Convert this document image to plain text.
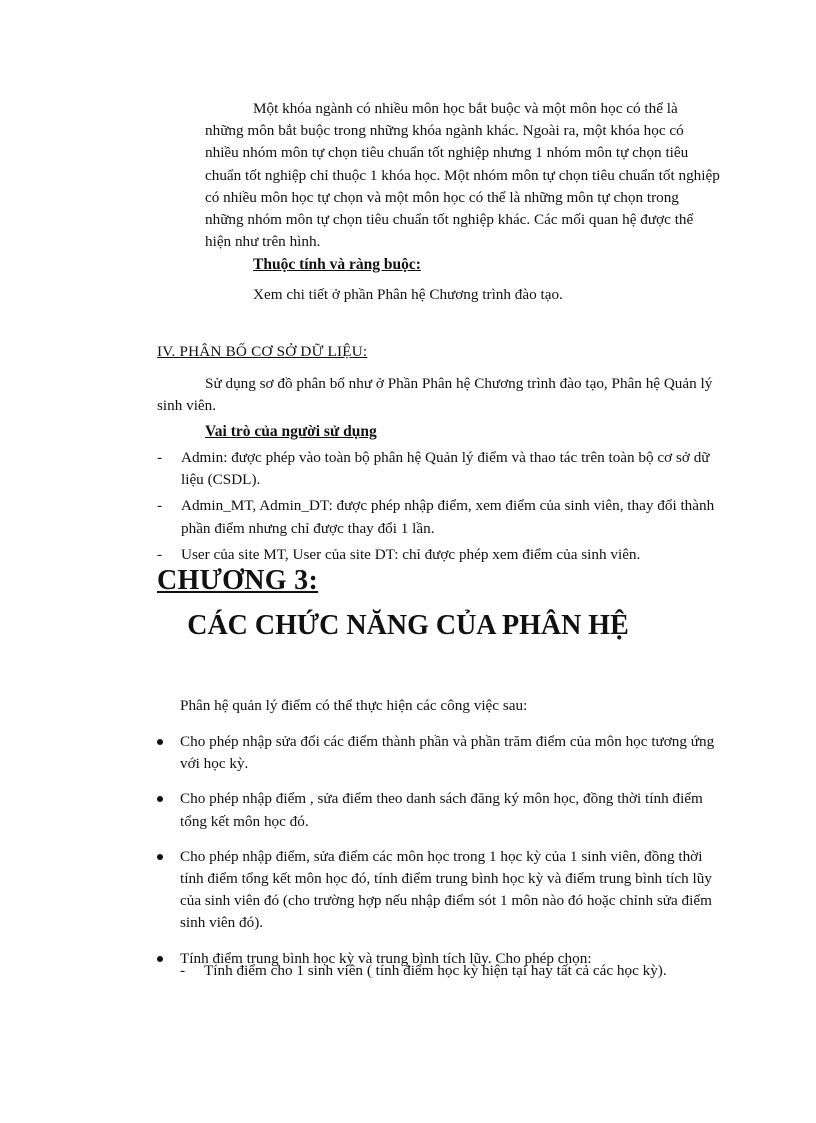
Một khóa ngành có nhiều môn học bắt buộc và một môn học có thể là những môn bắt buộc trong những khóa ngành khác. Ngoài ra, một khóa học có nhiều nhóm môn tự chọn tiêu chuẩn tốt nghiệp nhưng 1 nhóm môn tự chọn tiêu chuẩn tốt nghiệp chỉ thuộc 1 khóa học. Một nhóm môn tự chọn tiêu chuẩn tốt nghiệp có nhiều môn học tự chọn và một môn học có thể là những môn tự chọn trong những nhóm môn tự chọn tiêu chuẩn tốt nghiệp khác. Các mối quan hệ được thể hiện như trên hình.

Thuộc tính và ràng buộc:
Xem chi tiết ở phần Phân hệ Chương trình đào tạo.
IV. PHÂN BỐ CƠ SỞ DỮ LIỆU:

Sử dụng sơ đồ phân bố như ở Phần Phân hệ Chương trình đào tạo, Phân hệ Quản lý sinh viên.

Vai trò của người sử dụng
- Admin: được phép vào toàn bộ phân hệ Quản lý điểm và thao tác trên toàn bộ cơ sở dữ liệu (CSDL).
- Admin_MT, Admin_DT: được phép nhập điểm, xem điểm của sinh viên, thay đổi thành phần điểm nhưng chỉ được thay đổi 1 lần.
- User của site MT, User của site DT: chỉ được phép xem điểm của sinh viên.
CHƯƠNG 3:
CÁC CHỨC NĂNG CỦA PHÂN HỆ
Phân hệ quản lý điểm có thể thực hiện các công việc sau:
Cho phép nhập sửa đổi các điểm thành phần và phần trăm điểm của môn học tương ứng với học kỳ.
Cho phép nhập điểm , sửa điểm theo danh sách đăng ký môn học, đồng thời tính điểm tổng kết môn học đó.
Cho phép nhập điểm, sửa điểm các môn học trong 1 học kỳ của 1 sinh viên, đồng thời tính điểm tổng kết môn học đó, tính điểm trung bình học kỳ và điểm trung bình tích lũy của sinh viên đó (cho trường hợp nếu nhập điểm sót 1 môn nào đó hoặc chỉnh sửa điểm sinh viên đó).
Tính điểm trung bình học kỳ và trung bình tích lũy. Cho phép chọn:
- Tính điểm cho 1 sinh viên ( tính điểm học kỳ hiện tại hay tất cả các học kỳ).
